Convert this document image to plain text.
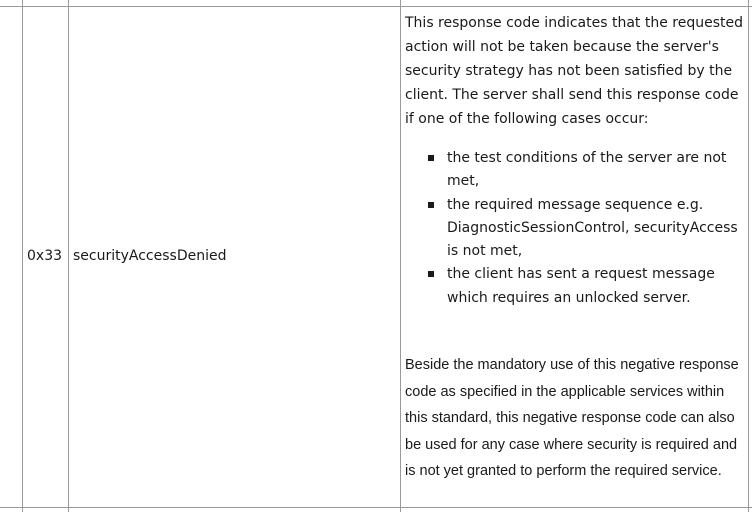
0x33 securityAccessDenied

This response code indicates that the requested action will not be taken because the server's security strategy has not been satisfied by the client. The server shall send this response code if one of the following cases occur:

the test conditions of the server are not met,
the required message sequence e.g. DiagnosticSessionControl, securityAccess is not met,
the client has sent a request message which requires an unlocked server.

Beside the mandatory use of this negative response code as specified in the applicable services within this standard, this negative response code can also be used for any case where security is required and is not yet granted to perform the required service.
